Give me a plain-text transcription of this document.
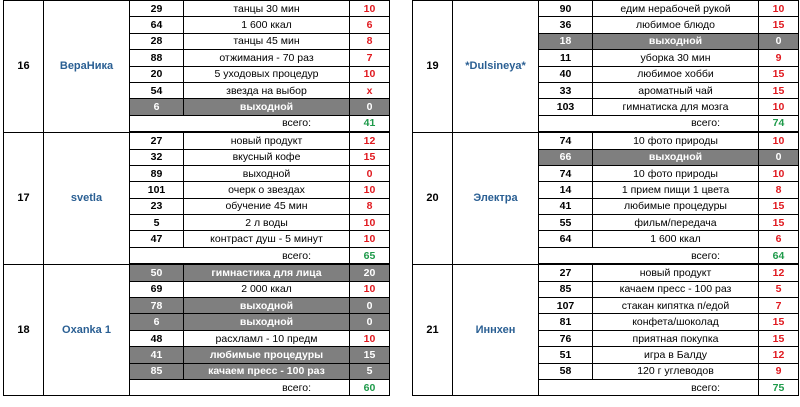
16	ВераНика	29	танцы 30 мин	10
		64	1 600 ккал	6
		28	танцы 45 мин	8
		88	отжимания - 70 раз	7
		20	5 уходовых процедур	10
		54	звезда на выбор	х
		6	выходной	0
		всего:		41
17	svetla	27	новый продукт	12
		32	вкусный кофе	15
		89	выходной	0
		101	очерк о звездах	10
		23	обучение 45 мин	8
		5	2 л воды	10
		47	контраст душ - 5 минут	10
		всего:		65
18	Oxanka 1	50	гимнастика для лица	20
		69	2 000 ккал	10
		78	выходной	0
		6	выходной	0
		48	расхламл - 10 предм	10
		41	любимые процедуры	15
		85	качаем пресс - 100 раз	5
		всего:		60
19	*Dulsineya*	90	едим нерабочей рукой	10
		36	любимое блюдо	15
		18	выходной	0
		11	уборка 30 мин	9
		40	любимое хобби	15
		33	ароматный чай	15
		103	гимнатиска для мозга	10
		всего:		74
20	Электра	74	10 фото природы	10
		66	выходной	0
		74	10 фото природы	10
		14	1 прием пищи 1 цвета	8
		41	любимые процедуры	15
		55	фильм/передача	15
		64	1 600 ккал	6
		всего:		64
21	Иннхен	27	новый продукт	12
		85	качаем пресс - 100 раз	5
		107	стакан кипятка п/едой	7
		81	конфета/шоколад	15
		76	приятная покупка	15
		51	игра в Балду	12
		58	120 г углеводов	9
		всего:		75
